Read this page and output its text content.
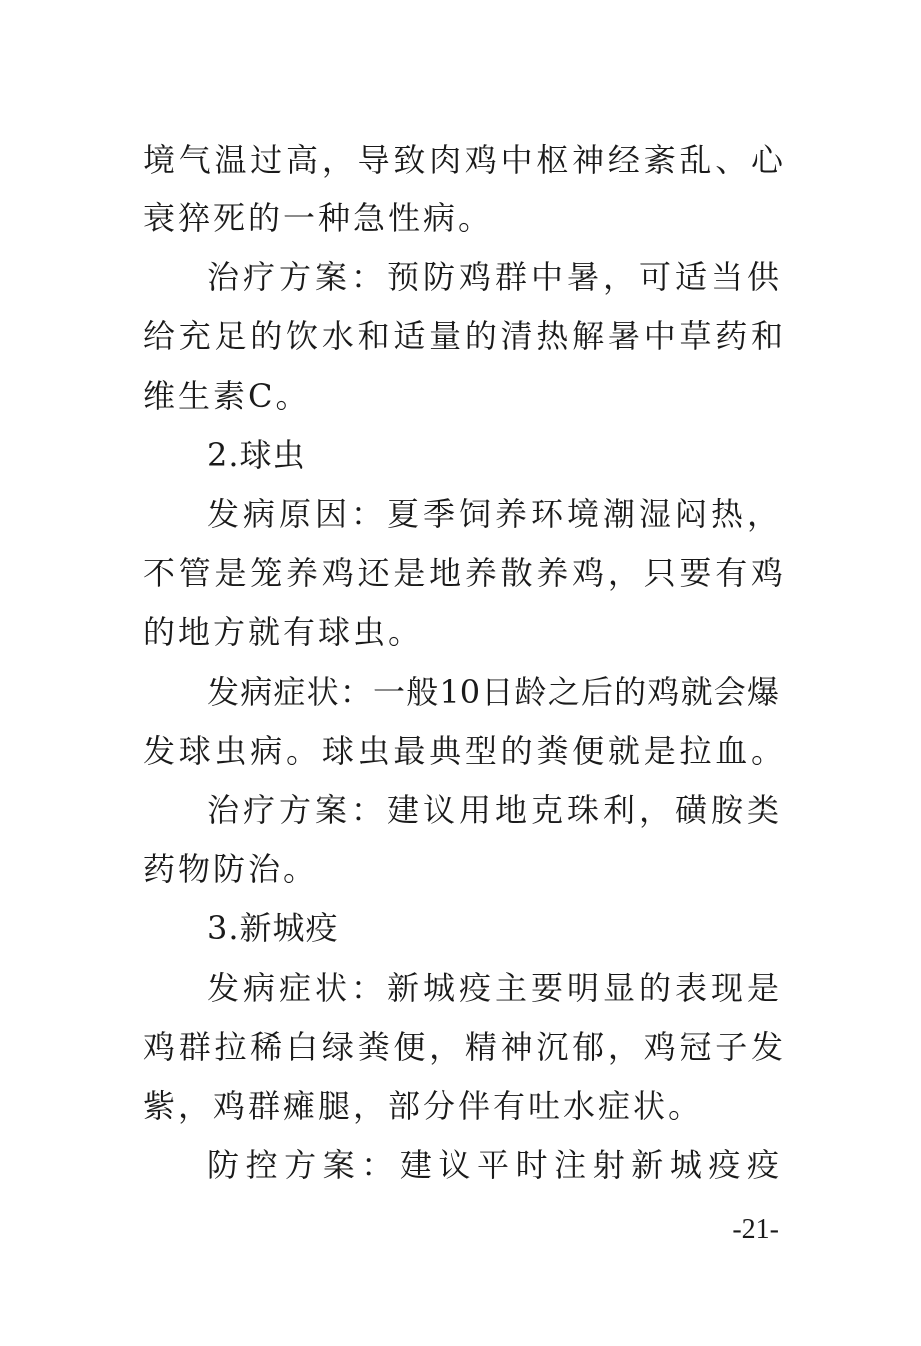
境气温过高，导致肉鸡中枢神经紊乱、心
衰猝死的一种急性病。
治疗方案：预防鸡群中暑，可适当供
给充足的饮水和适量的清热解暑中草药和
维生素C。
2.球虫
发病原因：夏季饲养环境潮湿闷热，
不管是笼养鸡还是地养散养鸡，只要有鸡
的地方就有球虫。
发病症状：一般10日龄之后的鸡就会爆
发球虫病。球虫最典型的粪便就是拉血。
治疗方案：建议用地克珠利，磺胺类
药物防治。
3.新城疫
发病症状：新城疫主要明显的表现是
鸡群拉稀白绿粪便，精神沉郁，鸡冠子发
紫，鸡群瘫腿，部分伴有吐水症状。
防控方案：建议平时注射新城疫疫
-21-
